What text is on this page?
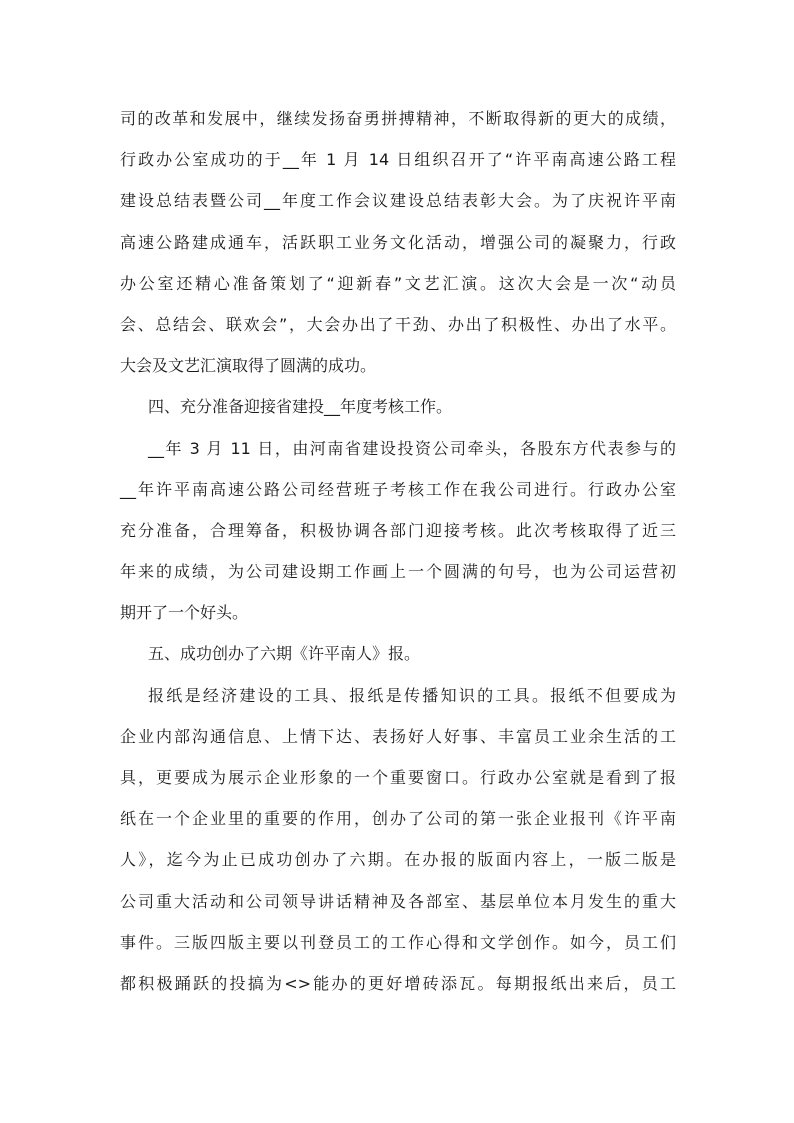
司的改革和发展中，继续发扬奋勇拼搏精神，不断取得新的更大的成绩，
行政办公室成功的于__年 1 月 14 日组织召开了“许平南高速公路工程
建设总结表暨公司__年度工作会议建设总结表彰大会。为了庆祝许平南
高速公路建成通车，活跃职工业务文化活动，增强公司的凝聚力，行政
办公室还精心准备策划了“迎新春”文艺汇演。这次大会是一次“动员
会、总结会、联欢会”，大会办出了干劲、办出了积极性、办出了水平。
大会及文艺汇演取得了圆满的成功。
四、充分准备迎接省建投__年度考核工作。
__年 3 月 11 日，由河南省建设投资公司牵头，各股东方代表参与的
__年许平南高速公路公司经营班子考核工作在我公司进行。行政办公室
充分准备，合理筹备，积极协调各部门迎接考核。此次考核取得了近三
年来的成绩，为公司建设期工作画上一个圆满的句号，也为公司运营初
期开了一个好头。
五、成功创办了六期《许平南人》报。
报纸是经济建设的工具、报纸是传播知识的工具。报纸不但要成为
企业内部沟通信息、上情下达、表扬好人好事、丰富员工业余生活的工
具，更要成为展示企业形象的一个重要窗口。行政办公室就是看到了报
纸在一个企业里的重要的作用，创办了公司的第一张企业报刊《许平南
人》，迄今为止已成功创办了六期。在办报的版面内容上，一版二版是
公司重大活动和公司领导讲话精神及各部室、基层单位本月发生的重大
事件。三版四版主要以刊登员工的工作心得和文学创作。如今，员工们
都积极踊跃的投搞为<>能办的更好增砖添瓦。每期报纸出来后，员工
